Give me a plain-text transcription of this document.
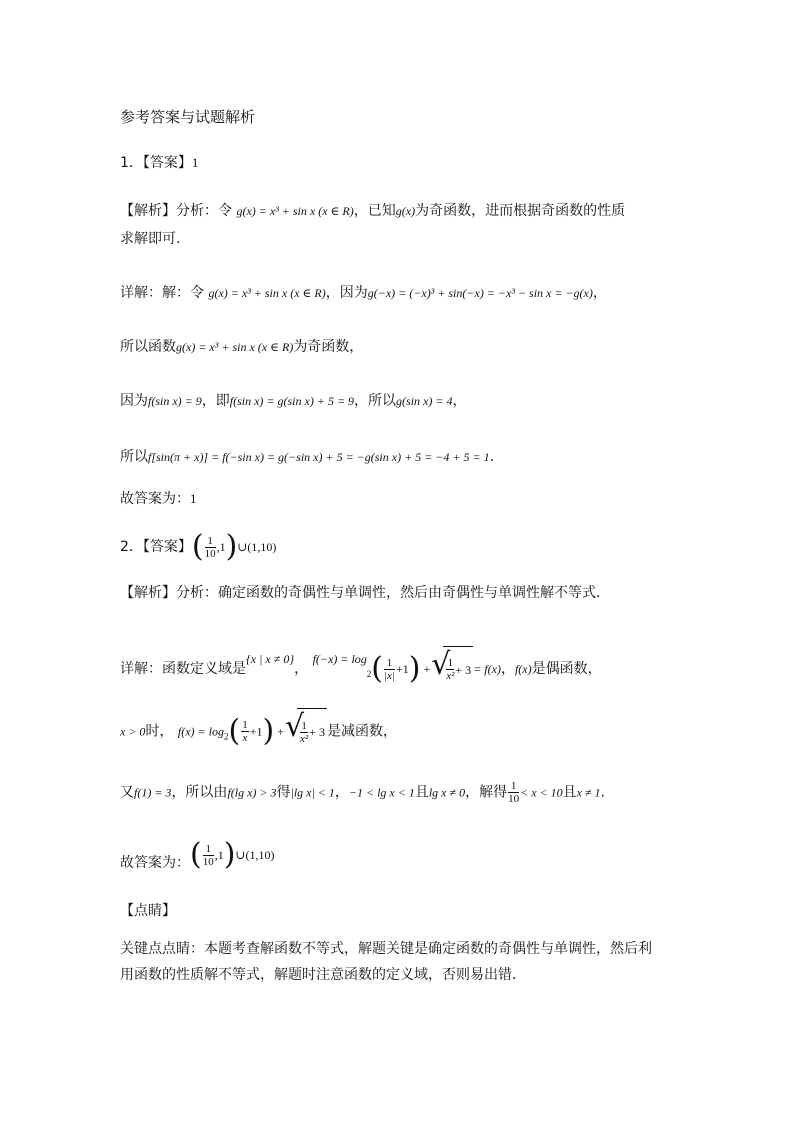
参考答案与试题解析
1．【答案】1
【解析】分析：令 g(x) = x³ + sin x (x ∈ R)，已知g(x)为奇函数，进而根据奇函数的性质
求解即可.
详解：解：令 g(x) = x³ + sin x (x ∈ R)，因为g(−x) = (−x)³ + sin(−x) = −x³ − sin x = −g(x)，
所以函数g(x) = x³ + sin x (x ∈ R)为奇函数，
因为f(sin x) = 9，即f(sin x) = g(sin x) + 5 = 9，所以g(sin x) = 4，
所以f[sin(π + x)] = f(−sin x) = g(−sin x) + 5 = −g(sin x) + 5 = −4 + 5 = 1.
故答案为：1
2．【答案】( $\frac{1}{10}$ ,1)∪(1,10)
【解析】分析：确定函数的奇偶性与单调性，然后由奇偶性与单调性解不等式．
详解：函数定义域是{x | x ≠ 0}， $f(-x) = \log_2( \frac{1}{|x|} +1)$ + √ $\frac{1}{\text{x²}} + 3 = f(x)$，f(x)是偶函数，
x > 0时， $f(x) = \log_2( \frac{1}{x} +1)$ + √ $\frac{1}{\text{x²}} + 3$ 是减函数，
又f(1) = 3，所以由f(lg x) > 3得|lg x| < 1，−1 < lg x < 1且lg x ≠ 0，解得 $\frac{1}{10} < x < 10$且x ≠ 1.
故答案为：( $\frac{1}{10}$ ,1)∪(1,10)
【点睛】
关键点点睛：本题考查解函数不等式，解题关键是确定函数的奇偶性与单调性，然后利
用函数的性质解不等式，解题时注意函数的定义域，否则易出错．
